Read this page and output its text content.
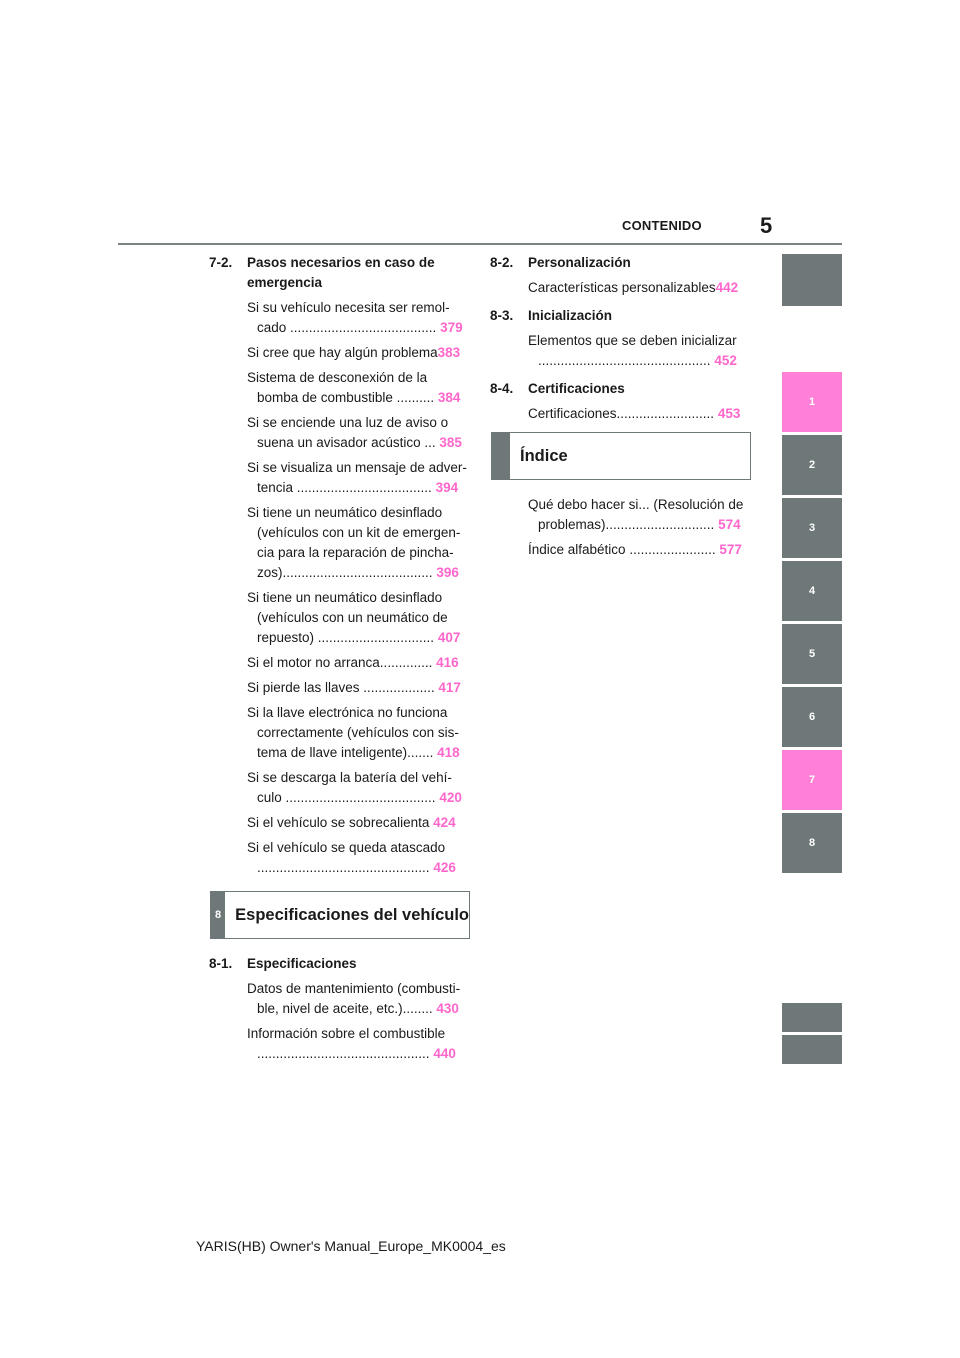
CONTENIDO	5
1
2
3
4
5
6
7
8
7-2.	Pasos necesarios en caso de
emergencia
Si su vehículo necesita ser remol-
cado ....................................... 379
Si cree que hay algún problema383
Sistema de desconexión de la
bomba de combustible .......... 384
Si se enciende una luz de aviso o
suena un avisador acústico ... 385
Si se visualiza un mensaje de adver-
tencia .................................... 394
Si tiene un neumático desinflado
(vehículos con un kit de emergen-
cia para la reparación de pincha-
zos)........................................ 396
Si tiene un neumático desinflado
(vehículos con un neumático de
repuesto) ............................... 407
Si el motor no arranca.............. 416
Si pierde las llaves ................... 417
Si la llave electrónica no funciona
correctamente (vehículos con sis-
tema de llave inteligente)....... 418
Si se descarga la batería del vehí-
culo ........................................ 420
Si el vehículo se sobrecalienta 424
Si el vehículo se queda atascado
.............................................. 426
8 Especificaciones del vehículo
8-1.	Especificaciones
Datos de mantenimiento (combusti-
ble, nivel de aceite, etc.)........ 430
Información sobre el combustible
.............................................. 440
8-2.	Personalización
Características personalizables442
8-3.	Inicialización
Elementos que se deben inicializar
.............................................. 452
8-4.	Certificaciones
Certificaciones.......................... 453
Índice
Qué debo hacer si... (Resolución de
problemas)............................. 574
Índice alfabético ....................... 577
YARIS(HB) Owner's Manual_Europe_MK0004_es
